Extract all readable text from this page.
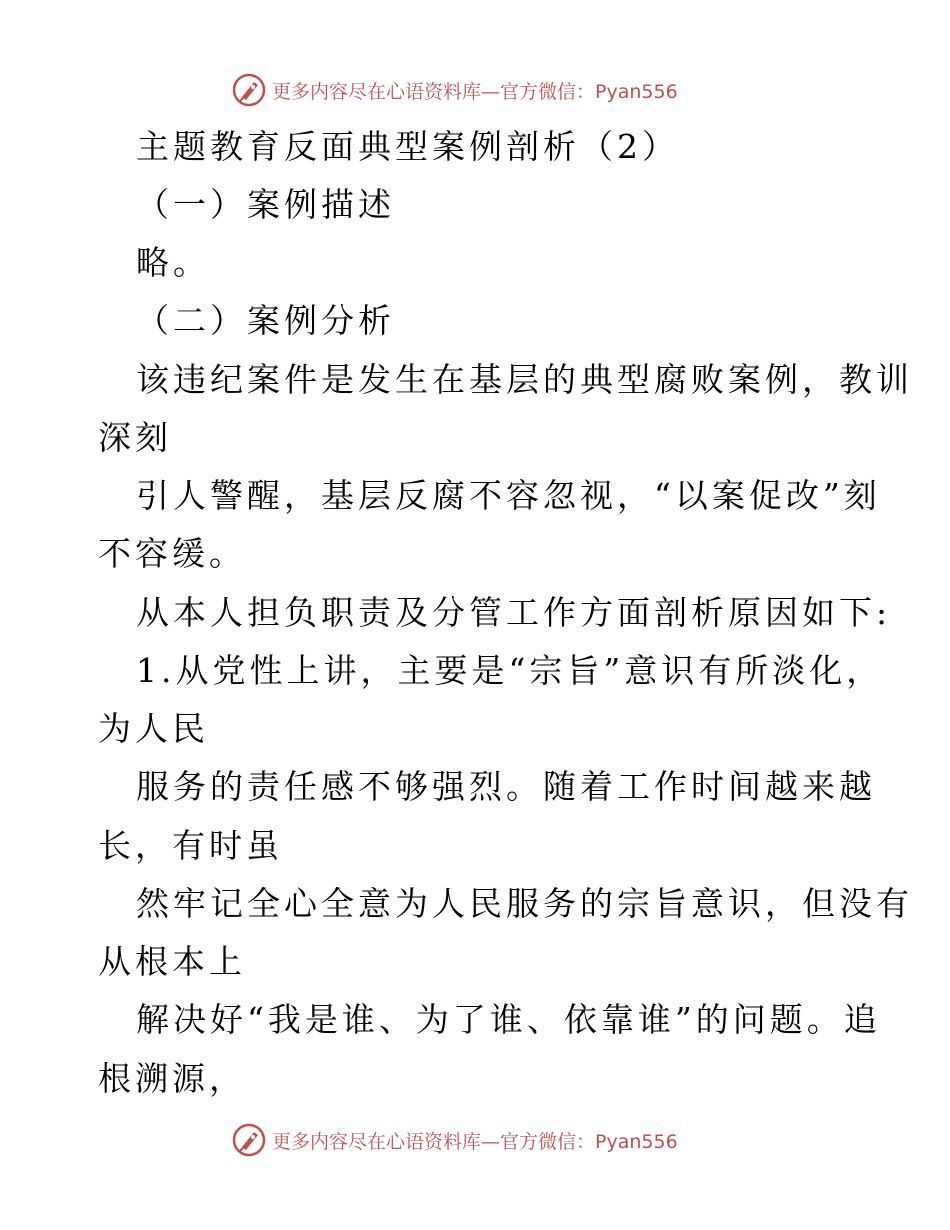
更多内容尽在心语资料库—官方微信：Pyan556
主题教育反面典型案例剖析（2）
（一）案例描述
略。
（二）案例分析
该违纪案件是发生在基层的典型腐败案例，教训
深刻
引人警醒，基层反腐不容忽视，“以案促改”刻
不容缓。
从本人担负职责及分管工作方面剖析原因如下:
1.从党性上讲，主要是“宗旨”意识有所淡化，
为人民
服务的责任感不够强烈。随着工作时间越来越
长，有时虽
然牢记全心全意为人民服务的宗旨意识，但没有
从根本上
解决好“我是谁、为了谁、依靠谁”的问题。追
根溯源，
更多内容尽在心语资料库—官方微信：Pyan556
